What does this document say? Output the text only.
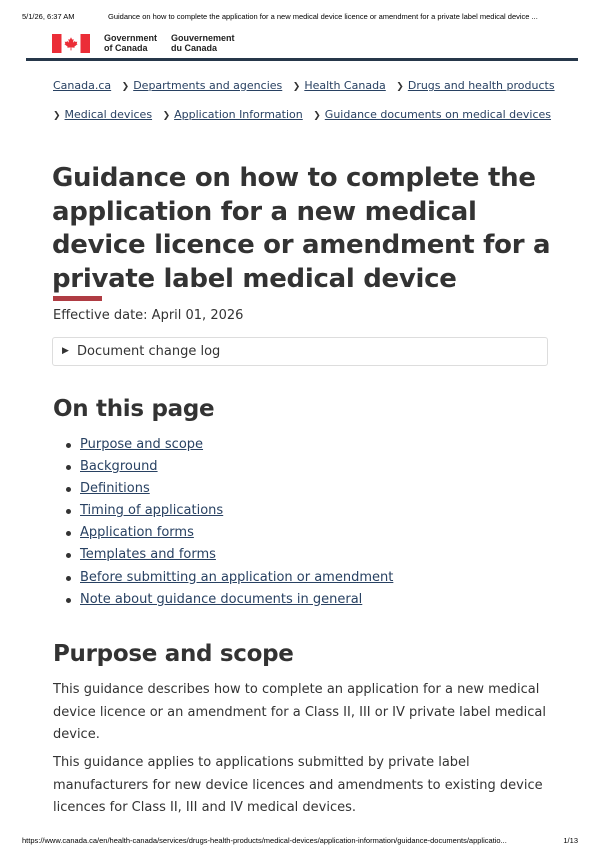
5/1/26, 6:37 AM	Guidance on how to complete the application for a new medical device licence or amendment for a private label medical device ...
Government
of Canada
Gouvernement
du Canada
Canada.ca ❯ Departments and agencies ❯ Health Canada ❯ Drugs and health products
❯ Medical devices ❯ Application Information ❯ Guidance documents on medical devices
Guidance on how to complete the application for a new medical device licence or amendment for a private label medical device
Effective date: April 01, 2026
▶ Document change log
On this page
Purpose and scope
Background
Definitions
Timing of applications
Application forms
Templates and forms
Before submitting an application or amendment
Note about guidance documents in general
Purpose and scope

This guidance describes how to complete an application for a new medical device licence or an amendment for a Class II, III or IV private label medical device.

This guidance applies to applications submitted by private label manufacturers for new device licences and amendments to existing device licences for Class II, III and IV medical devices.

https://www.canada.ca/en/health-canada/services/drugs-health-products/medical-devices/application-information/guidance-documents/applicatio...	1/13
